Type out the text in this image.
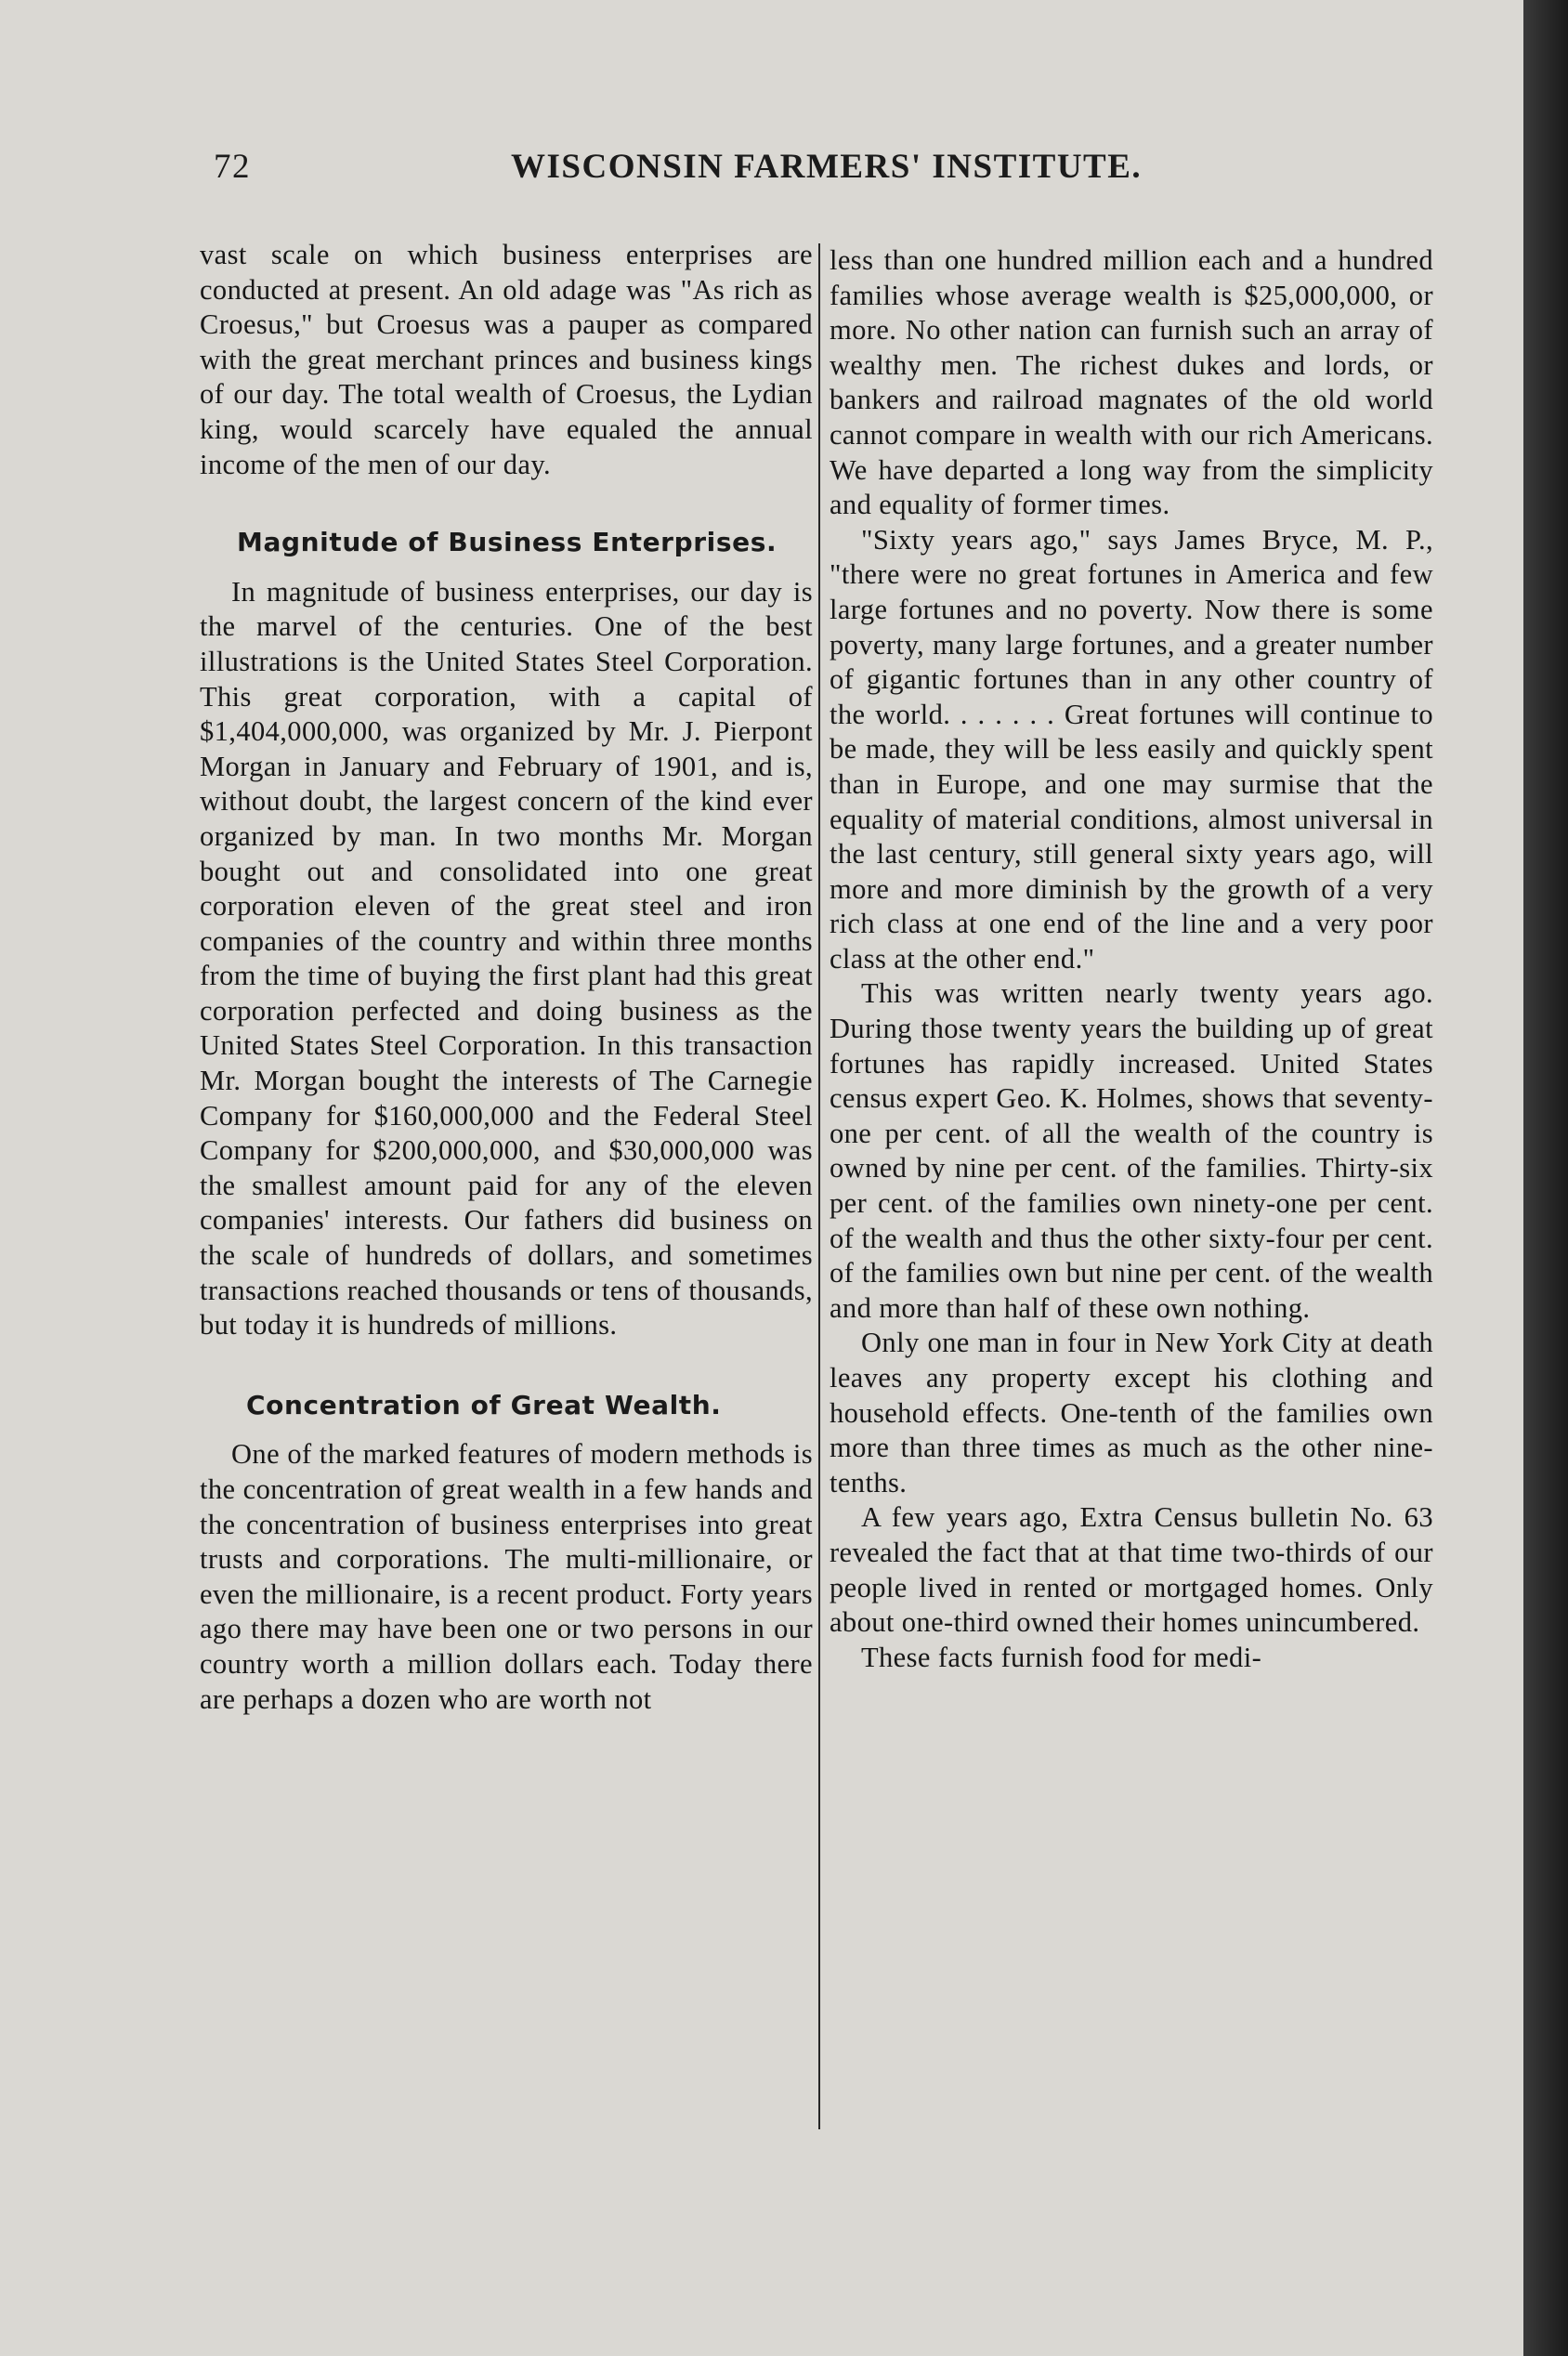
72	WISCONSIN FARMERS' INSTITUTE.

vast scale on which business enterprises are conducted at present. An old adage was "As rich as Croesus," but Croesus was a pauper as compared with the great merchant princes and business kings of our day. The total wealth of Croesus, the Lydian king, would scarcely have equaled the annual income of the men of our day.

Magnitude of Business Enterprises.

In magnitude of business enterprises, our day is the marvel of the centuries. One of the best illustrations is the United States Steel Corporation. This great corporation, with a capital of $1,404,000,000, was organized by Mr. J. Pierpont Morgan in January and February of 1901, and is, without doubt, the largest concern of the kind ever organized by man. In two months Mr. Morgan bought out and consolidated into one great corporation eleven of the great steel and iron companies of the country and within three months from the time of buying the first plant had this great corporation perfected and doing business as the United States Steel Corporation. In this transaction Mr. Morgan bought the interests of The Carnegie Company for $160,000,000 and the Federal Steel Company for $200,000,000, and $30,000,000 was the smallest amount paid for any of the eleven companies' interests. Our fathers did business on the scale of hundreds of dollars, and sometimes transactions reached thousands or tens of thousands, but today it is hundreds of millions.

Concentration of Great Wealth.

One of the marked features of modern methods is the concentration of great wealth in a few hands and the concentration of business enterprises into great trusts and corporations. The multi-millionaire, or even the millionaire, is a recent product. Forty years ago there may have been one or two persons in our country worth a million dollars each. Today there are perhaps a dozen who are worth not

less than one hundred million each and a hundred families whose average wealth is $25,000,000, or more. No other nation can furnish such an array of wealthy men. The richest dukes and lords, or bankers and railroad magnates of the old world cannot compare in wealth with our rich Americans. We have departed a long way from the simplicity and equality of former times.

"Sixty years ago," says James Bryce, M. P., "there were no great fortunes in America and few large fortunes and no poverty. Now there is some poverty, many large fortunes, and a greater number of gigantic fortunes than in any other country of the world. . . . . . . Great fortunes will continue to be made, they will be less easily and quickly spent than in Europe, and one may surmise that the equality of material conditions, almost universal in the last century, still general sixty years ago, will more and more diminish by the growth of a very rich class at one end of the line and a very poor class at the other end."

This was written nearly twenty years ago. During those twenty years the building up of great fortunes has rapidly increased. United States census expert Geo. K. Holmes, shows that seventy-one per cent. of all the wealth of the country is owned by nine per cent. of the families. Thirty-six per cent. of the families own ninety-one per cent. of the wealth and thus the other sixty-four per cent. of the families own but nine per cent. of the wealth and more than half of these own nothing.

Only one man in four in New York City at death leaves any property except his clothing and household effects. One-tenth of the families own more than three times as much as the other nine-tenths.

A few years ago, Extra Census bulletin No. 63 revealed the fact that at that time two-thirds of our people lived in rented or mortgaged homes. Only about one-third owned their homes unincumbered.

These facts furnish food for medi-
